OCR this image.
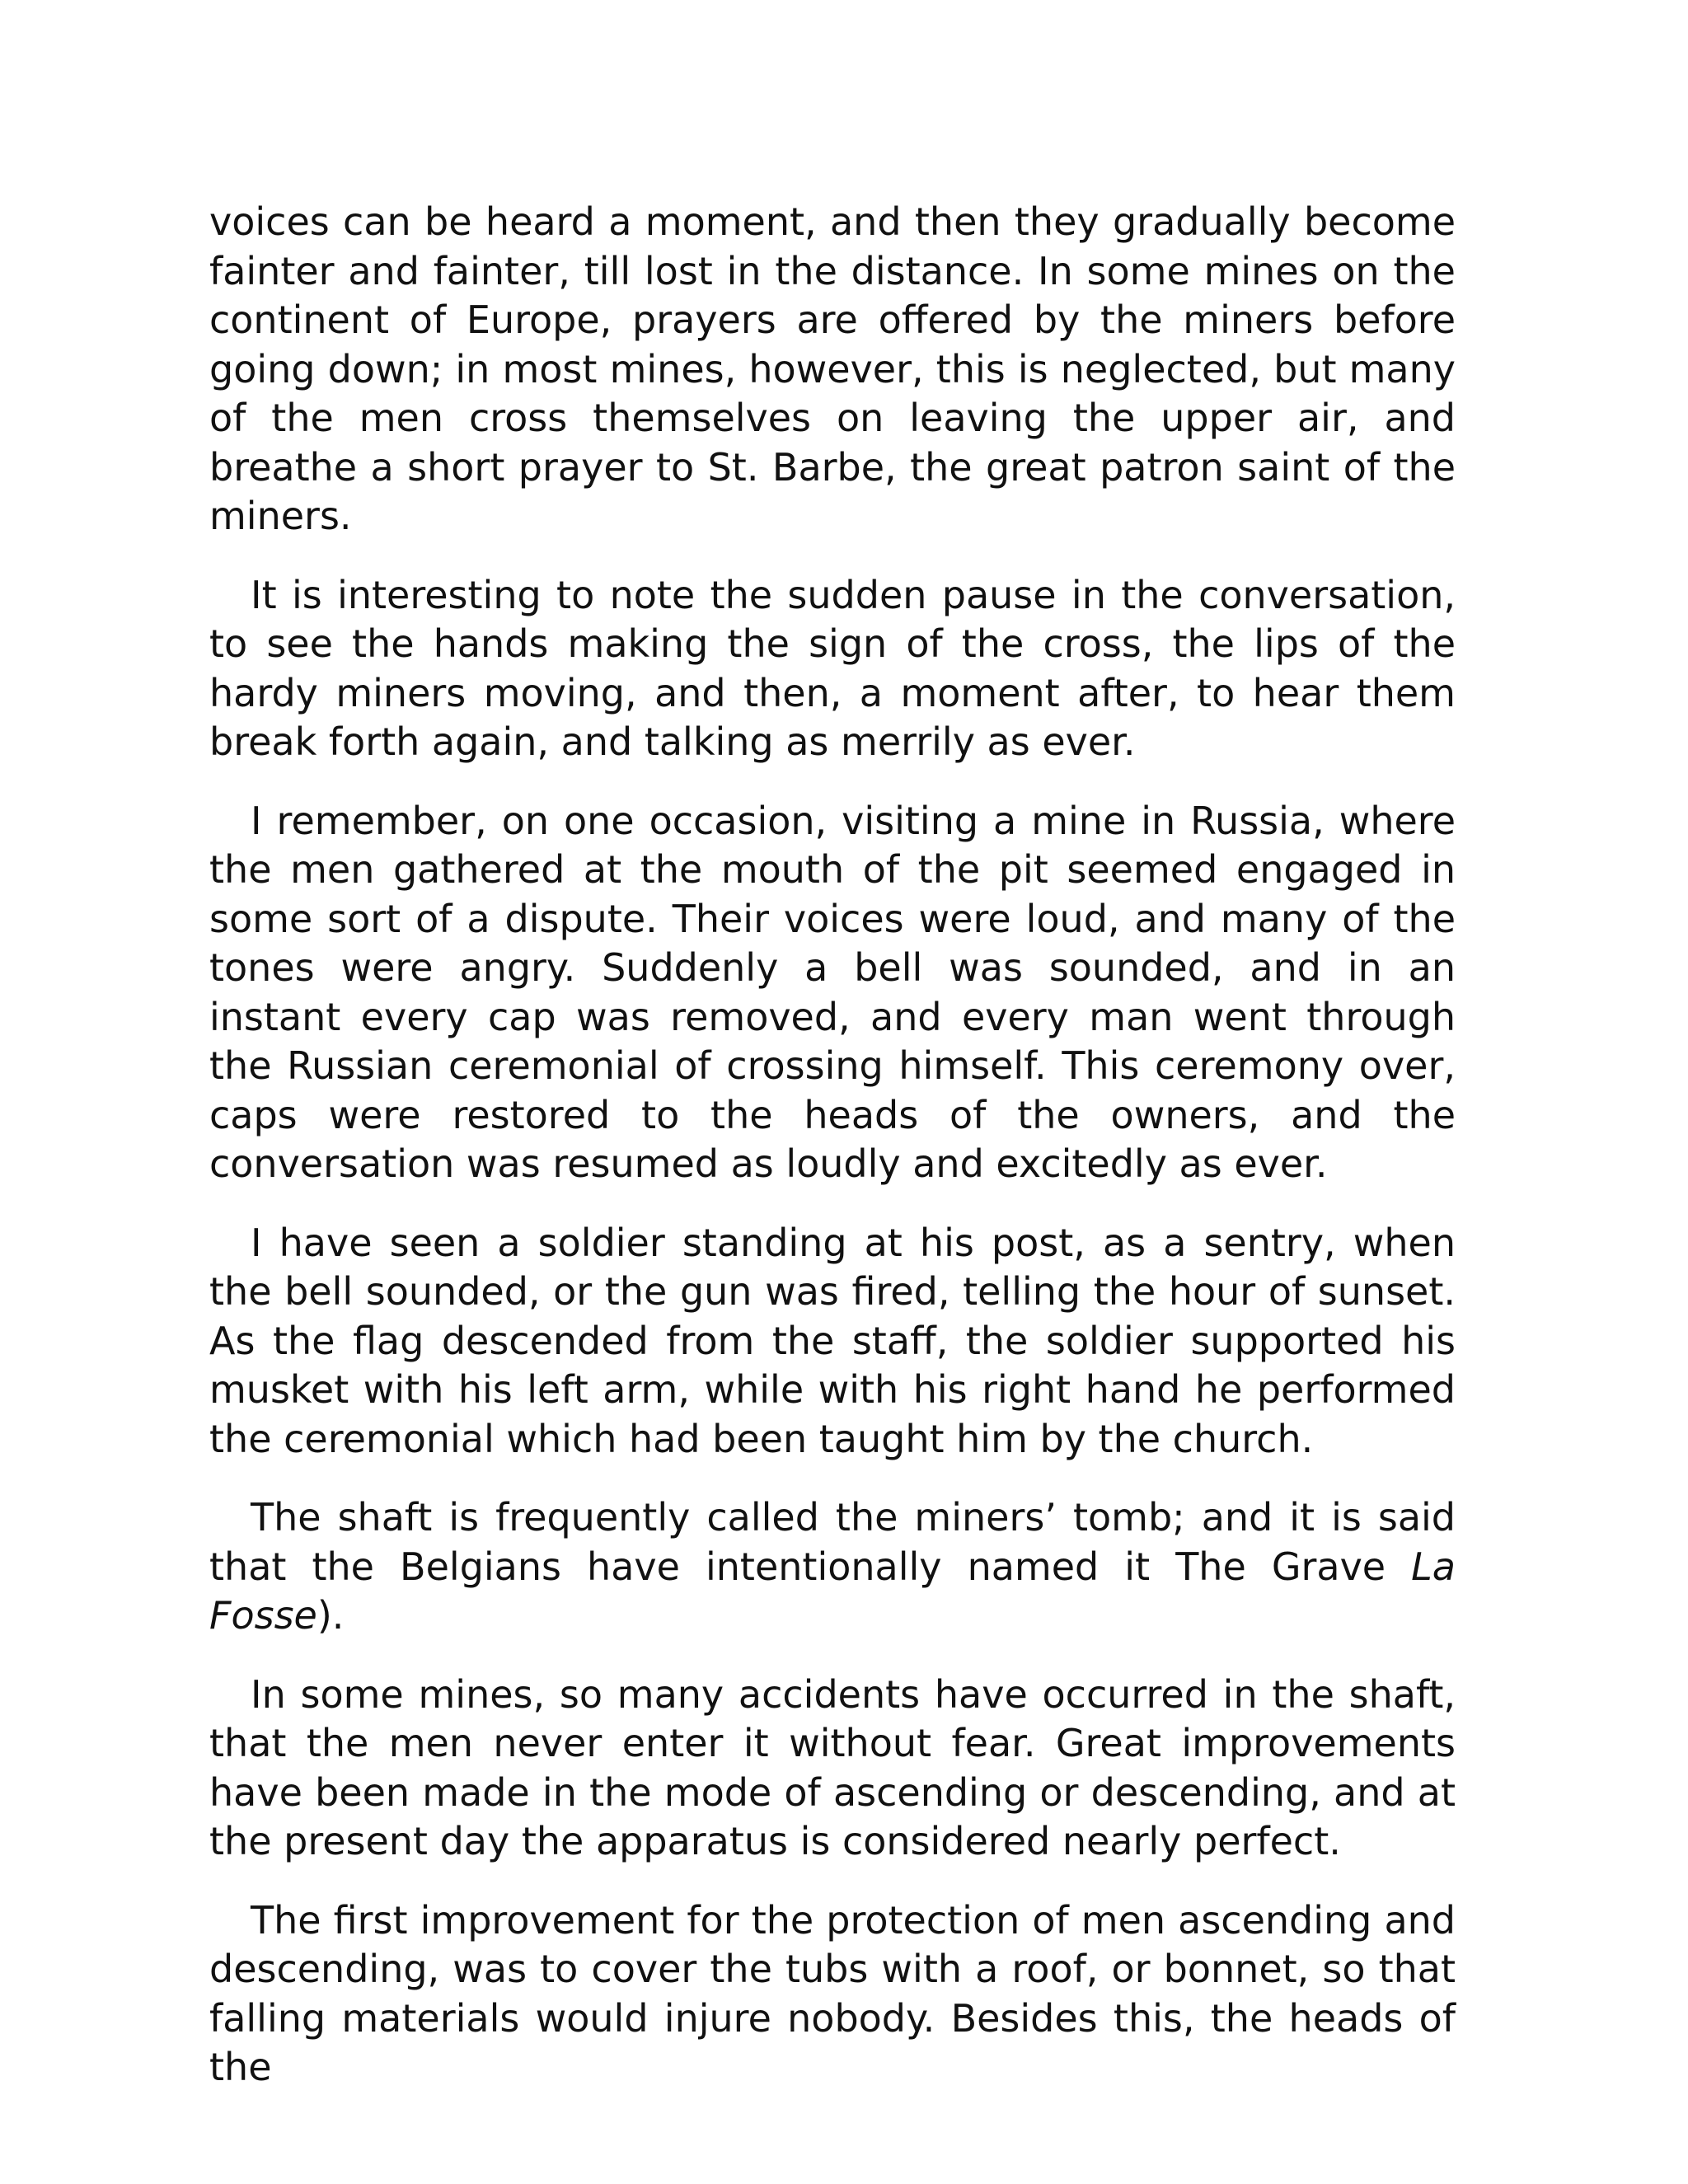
voices can be heard a moment, and then they gradually become fainter and fainter, till lost in the distance. In some mines on the continent of Europe, prayers are offered by the miners before going down; in most mines, however, this is neglected, but many of the men cross themselves on leaving the upper air, and breathe a short prayer to St. Barbe, the great patron saint of the miners.

It is interesting to note the sudden pause in the conversation, to see the hands making the sign of the cross, the lips of the hardy miners moving, and then, a moment after, to hear them break forth again, and talking as merrily as ever.

I remember, on one occasion, visiting a mine in Russia, where the men gathered at the mouth of the pit seemed engaged in some sort of a dispute. Their voices were loud, and many of the tones were angry. Suddenly a bell was sounded, and in an instant every cap was removed, and every man went through the Russian ceremonial of crossing himself. This ceremony over, caps were restored to the heads of the owners, and the conversation was resumed as loudly and excitedly as ever.

I have seen a soldier standing at his post, as a sentry, when the bell sounded, or the gun was fired, telling the hour of sunset. As the flag descended from the staff, the soldier supported his musket with his left arm, while with his right hand he performed the ceremonial which had been taught him by the church.

The shaft is frequently called the miners’ tomb; and it is said that the Belgians have intentionally named it The Grave La Fosse).

In some mines, so many accidents have occurred in the shaft, that the men never enter it without fear. Great improvements have been made in the mode of ascending or descending, and at the present day the apparatus is considered nearly perfect.

The first improvement for the protection of men ascending and descending, was to cover the tubs with a roof, or bonnet, so that falling materials would injure nobody. Besides this, the heads of the
